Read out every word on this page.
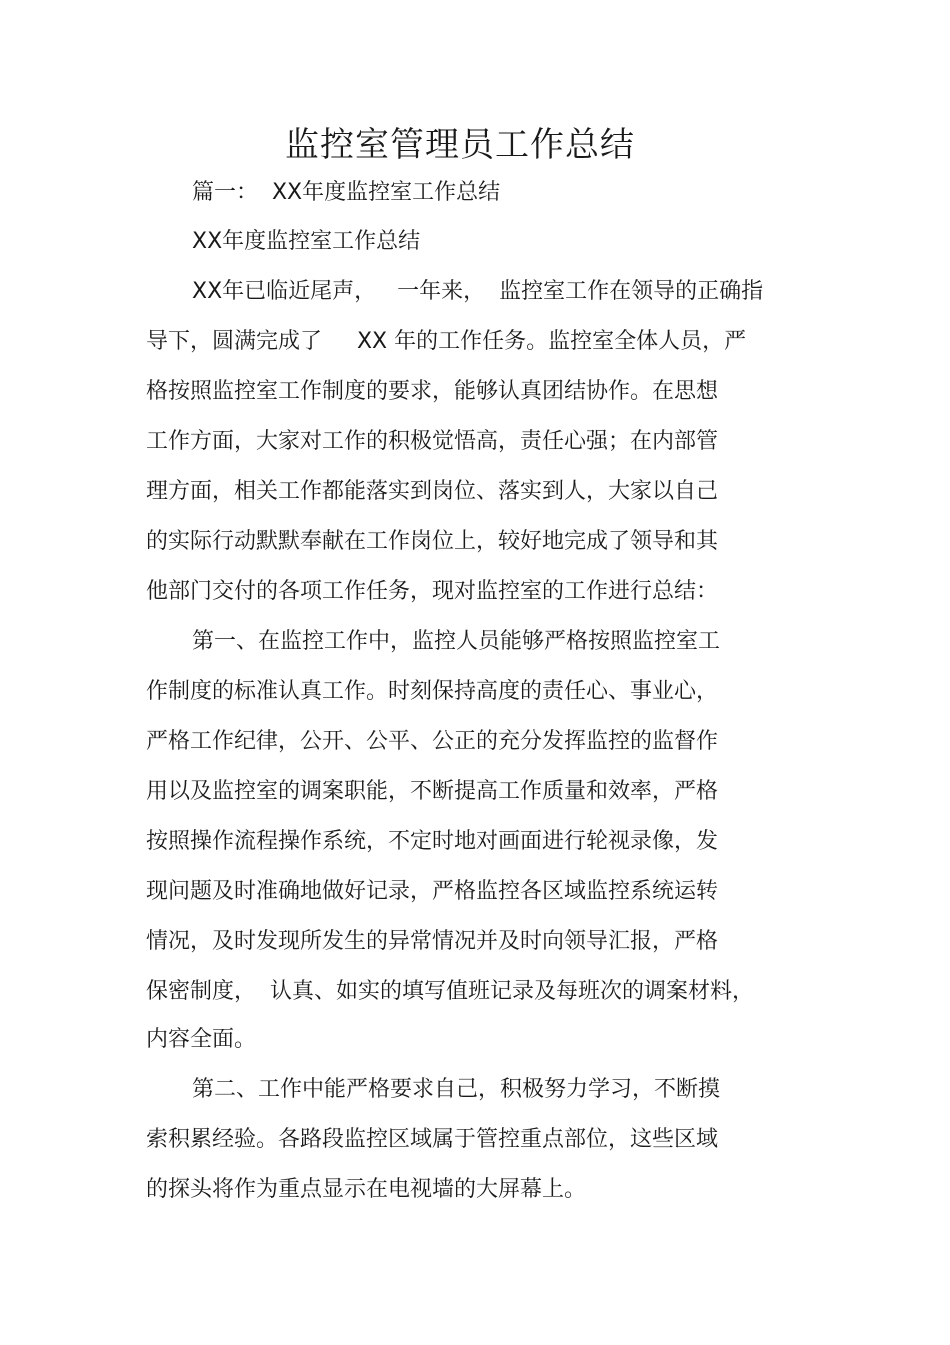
监控室管理员工作总结
篇一：  XX年度监控室工作总结
XX年度监控室工作总结
XX年已临近尾声，   一年来，  监控室工作在领导的正确指
导下，圆满完成了     XX 年的工作任务。监控室全体人员，严
格按照监控室工作制度的要求，能够认真团结协作。在思想
工作方面，大家对工作的积极觉悟高，责任心强；在内部管
理方面，相关工作都能落实到岗位、落实到人，大家以自己
的实际行动默默奉献在工作岗位上，较好地完成了领导和其
他部门交付的各项工作任务，现对监控室的工作进行总结：
第一、在监控工作中，监控人员能够严格按照监控室工
作制度的标准认真工作。时刻保持高度的责任心、事业心，
严格工作纪律，公开、公平、公正的充分发挥监控的监督作
用以及监控室的调案职能，不断提高工作质量和效率，严格
按照操作流程操作系统，不定时地对画面进行轮视录像，发
现问题及时准确地做好记录，严格监控各区域监控系统运转
情况，及时发现所发生的异常情况并及时向领导汇报，严格
保密制度，  认真、如实的填写值班记录及每班次的调案材料，
内容全面。
第二、工作中能严格要求自己，积极努力学习，不断摸
索积累经验。各路段监控区域属于管控重点部位，这些区域
的探头将作为重点显示在电视墙的大屏幕上。
